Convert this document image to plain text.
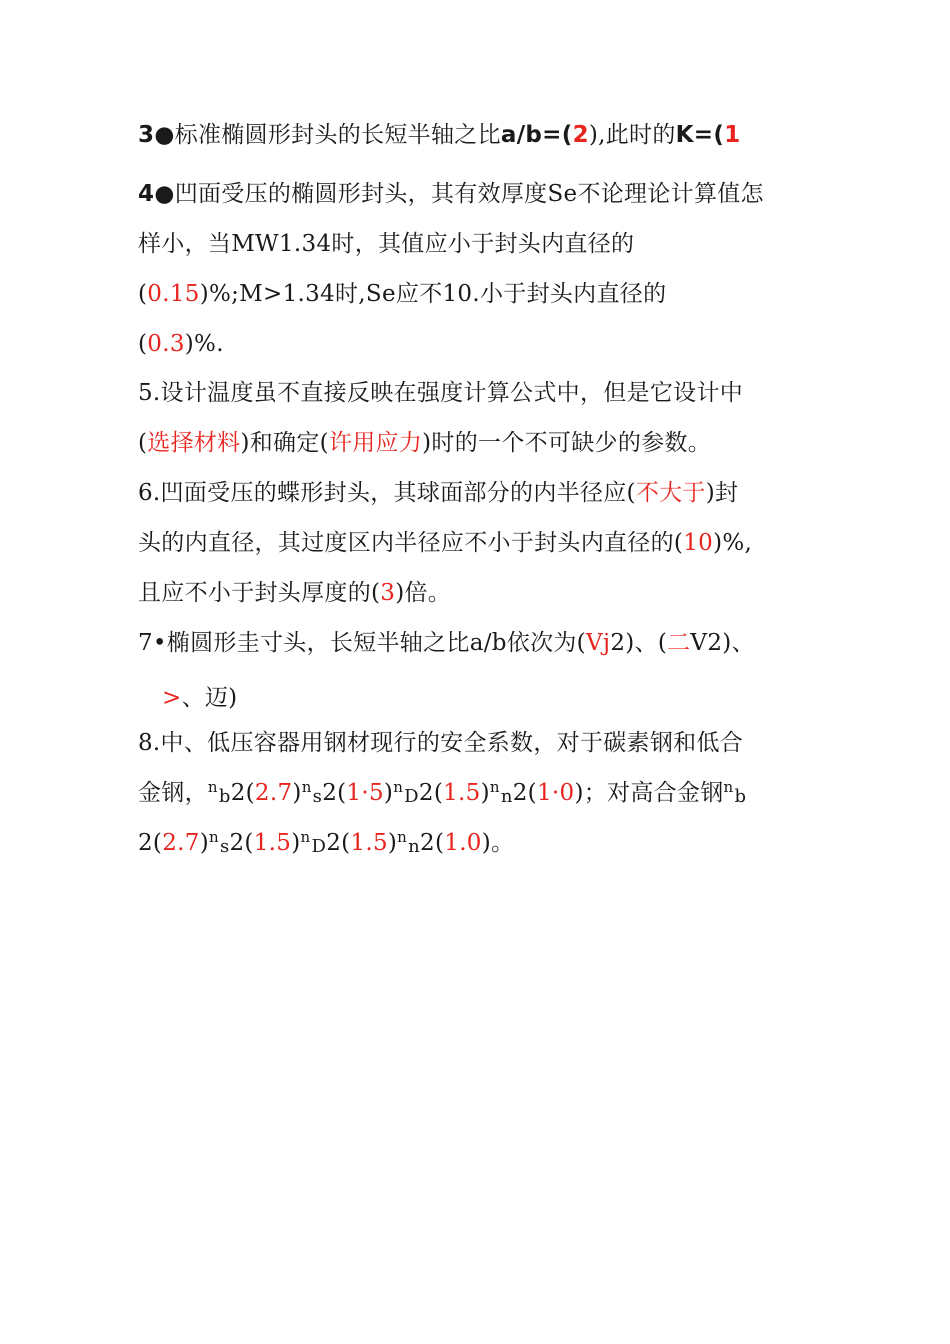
3●标准椭圆形封头的长短半轴之比a/b=(2),此时的K=(1
4●凹面受压的椭圆形封头，其有效厚度Se不论理论计算值怎
样小，当MW1.34时，其值应小于封头内直径的
(0.15)%;M>1.34时,Se应不10.小于封头内直径的
(0.3)%.
5.设计温度虽不直接反映在强度计算公式中，但是它设计中
(选择材料)和确定(许用应力)时的一个不可缺少的参数。
6.凹面受压的蝶形封头，其球面部分的内半径应(不大于)封
头的内直径，其过度区内半径应不小于封头内直径的(10)%,
且应不小于封头厚度的(3)倍。
7•椭圆形圭寸头，长短半轴之比a/b依次为(Vj2)、(二V2)、
>、迈)
8.中、低压容器用钢材现行的安全系数，对于碳素钢和低合
金钢，$^nb2(2.7)^ns2(1\cdot 5)^nD2(1.5)^nn2(1\cdot 0)$；对高合金钢$^n$b
$2(2.7)^ns2(1.5)^nD2(1.5)^nn2(1.0)$。
